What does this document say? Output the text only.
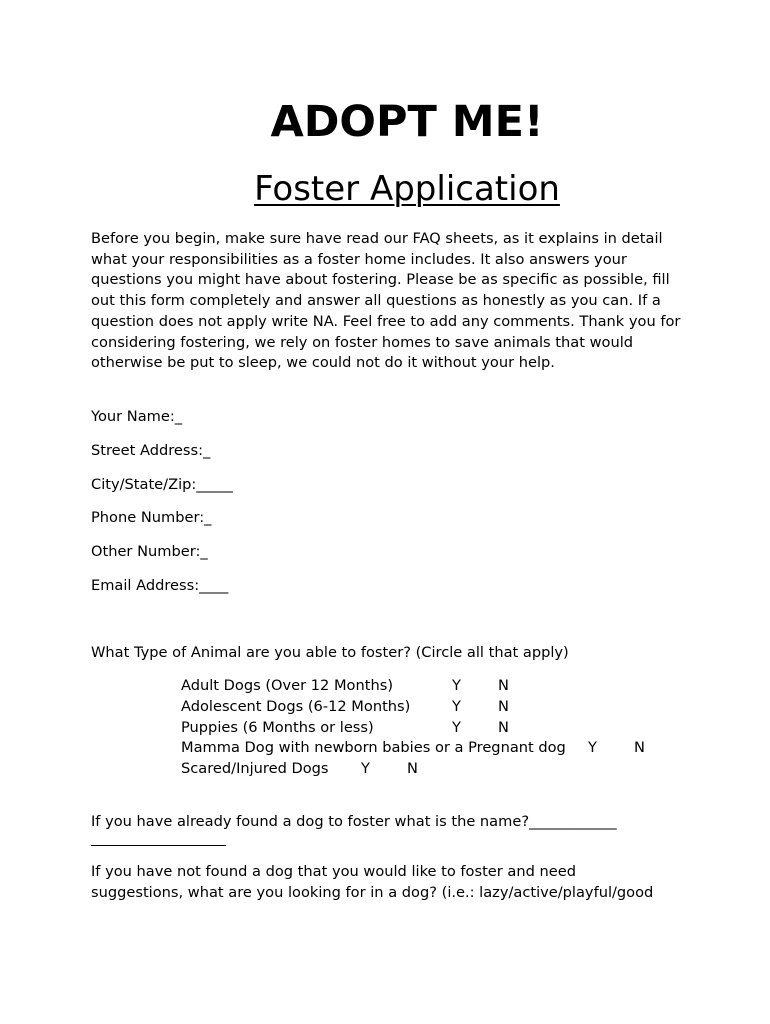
ADOPT ME!
Foster Application

Before you begin, make sure have read our FAQ sheets, as it explains in detail what your responsibilities as a foster home includes. It also answers your questions you might have about fostering. Please be as specific as possible, fill out this form completely and answer all questions as honestly as you can. If a question does not apply write NA. Feel free to add any comments. Thank you for considering fostering, we rely on foster homes to save animals that would otherwise be put to sleep, we could not do it without your help.

Your Name:_

Street Address:_

City/State/Zip:_____

Phone Number:_

Other Number:_

Email Address:____

What Type of Animal are you able to foster? (Circle all that apply)

Adult Dogs (Over 12 Months)	Y	N
Adolescent Dogs (6-12 Months)	Y	N
Puppies (6 Months or less)	Y	N
Mamma Dog with newborn babies or a Pregnant dog Y	N
Scared/Injured Dogs Y	N

If you have already found a dog to foster what is the name?____________

If you have not found a dog that you would like to foster and need

suggestions, what are you looking for in a dog? (i.e.: lazy/active/playful/good
